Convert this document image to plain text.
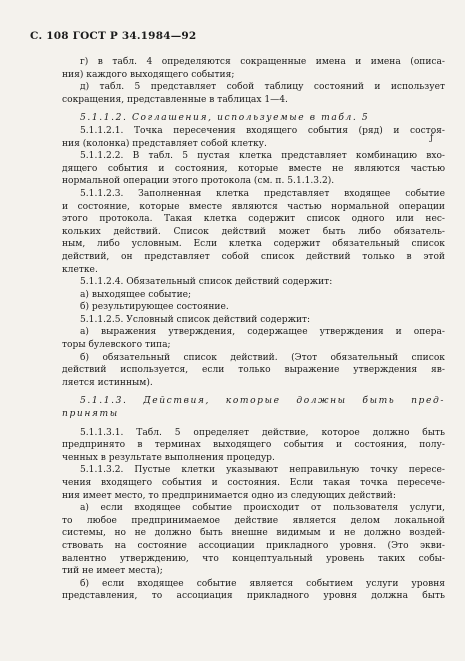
С. 108 ГОСТ Р 34.1984—92
г) в табл. 4 определяются сокращенные имена и имена (описа-
ния) каждого выходящего события;
д) табл. 5 представляет собой таблицу состояний и использует
сокращения, представленные в таблицах 1—4.
5.1.1.2. Соглашения, используемые в табл. 5
5.1.1.2.1. Точка пересечения входящего события (ряд) и состоя-
ния (колонка) представляет собой клетку.
5.1.1.2.2. В табл. 5 пустая клетка представляет комбинацию вхо-
дящего события и состояния, которые вместе не являются частью
нормальной операции этого протокола (см. п. 5.1.1.3.2).
5.1.1.2.3. Заполненная клетка представляет входящее событие
и состояние, которые вместе являются частью нормальной операции
этого протокола. Такая клетка содержит список одного или нес-
кольких действий. Список действий может быть либо обязатель-
ным, либо условным. Если клетка содержит обязательный список
действий, он представляет собой список действий только в этой
клетке.
5.1.1.2.4. Обязательный список действий содержит:
а) выходящее событие;
б) результирующее состояние.
5.1.1.2.5. Условный список действий содержит:
а) выражения утверждения, содержащее утверждения и опера-
торы булевского типа;
б) обязательный список действий. (Этот обязательный список
действий используется, если только выражение утверждения яв-
ляется истинным).
5.1.1.3. Действия, которые должны быть пред-
приняты
5.1.1.3.1. Табл. 5 определяет действие, которое должно быть
предпринято в терминах выходящего события и состояния, полу-
ченных в результате выполнения процедур.
5.1.1.3.2. Пустые клетки указывают неправильную точку пересе-
чения входящего события и состояния. Если такая точка пересече-
ния имеет место, то предпринимается одно из следующих действий:
а) если входящее событие происходит от пользователя услуги,
то любое предпринимаемое действие является делом локальной
системы, но не должно быть внешне видимым и не должно воздей-
ствовать на состояние ассоциации прикладного уровня. (Это экви-
валентно утверждению, что концептуальный уровень таких собы-
тий не имеет места);
б) если входящее событие является событием услуги уровня
представления, то ассоциация прикладного уровня должна быть
ƒ
